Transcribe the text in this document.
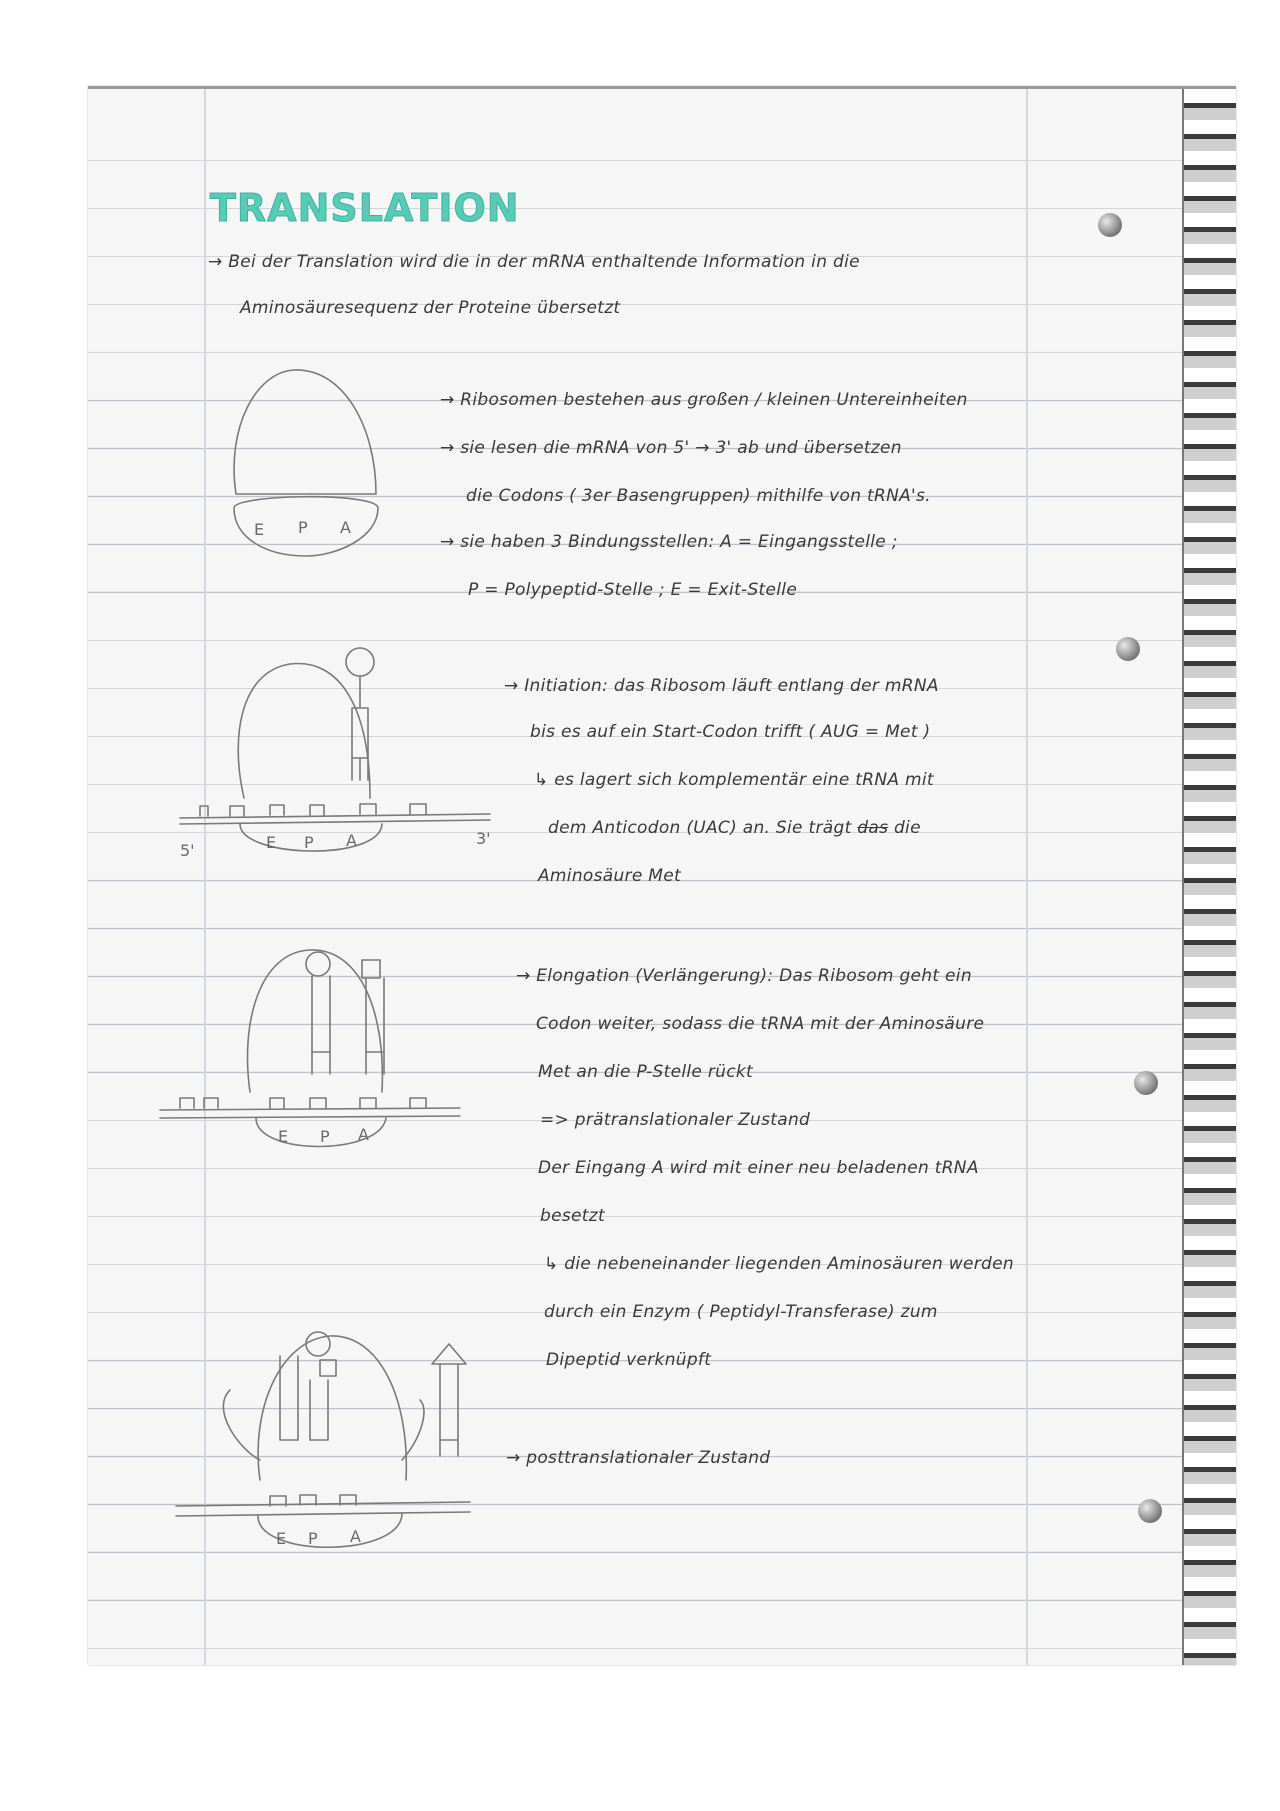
TRANSLATION
→ Bei der Translation wird die in der mRNA enthaltende Information in die
Aminosäuresequenz der Proteine übersetzt
E P A
→ Ribosomen bestehen aus großen / kleinen Untereinheiten
→ sie lesen die mRNA von 5' → 3' ab und übersetzen
die Codons ( 3er Basengruppen) mithilfe von tRNA's.
→ sie haben 3 Bindungsstellen: A = Eingangsstelle ;
P = Polypeptid-Stelle ; E = Exit-Stelle
E P A
5'
3'
→ Initiation: das Ribosom läuft entlang der mRNA
bis es auf ein Start-Codon trifft ( AUG = Met )
↳ es lagert sich komplementär eine tRNA mit
dem Anticodon (UAC) an. Sie trägt das die
Aminosäure Met
E P A
→ Elongation (Verlängerung): Das Ribosom geht ein
Codon weiter, sodass die tRNA mit der Aminosäure
Met an die P-Stelle rückt
=> prätranslationaler Zustand
Der Eingang A wird mit einer neu beladenen tRNA
besetzt
↳ die nebeneinander liegenden Aminosäuren werden
durch ein Enzym ( Peptidyl-Transferase) zum
Dipeptid verknüpft
E P A
→ posttranslationaler Zustand
